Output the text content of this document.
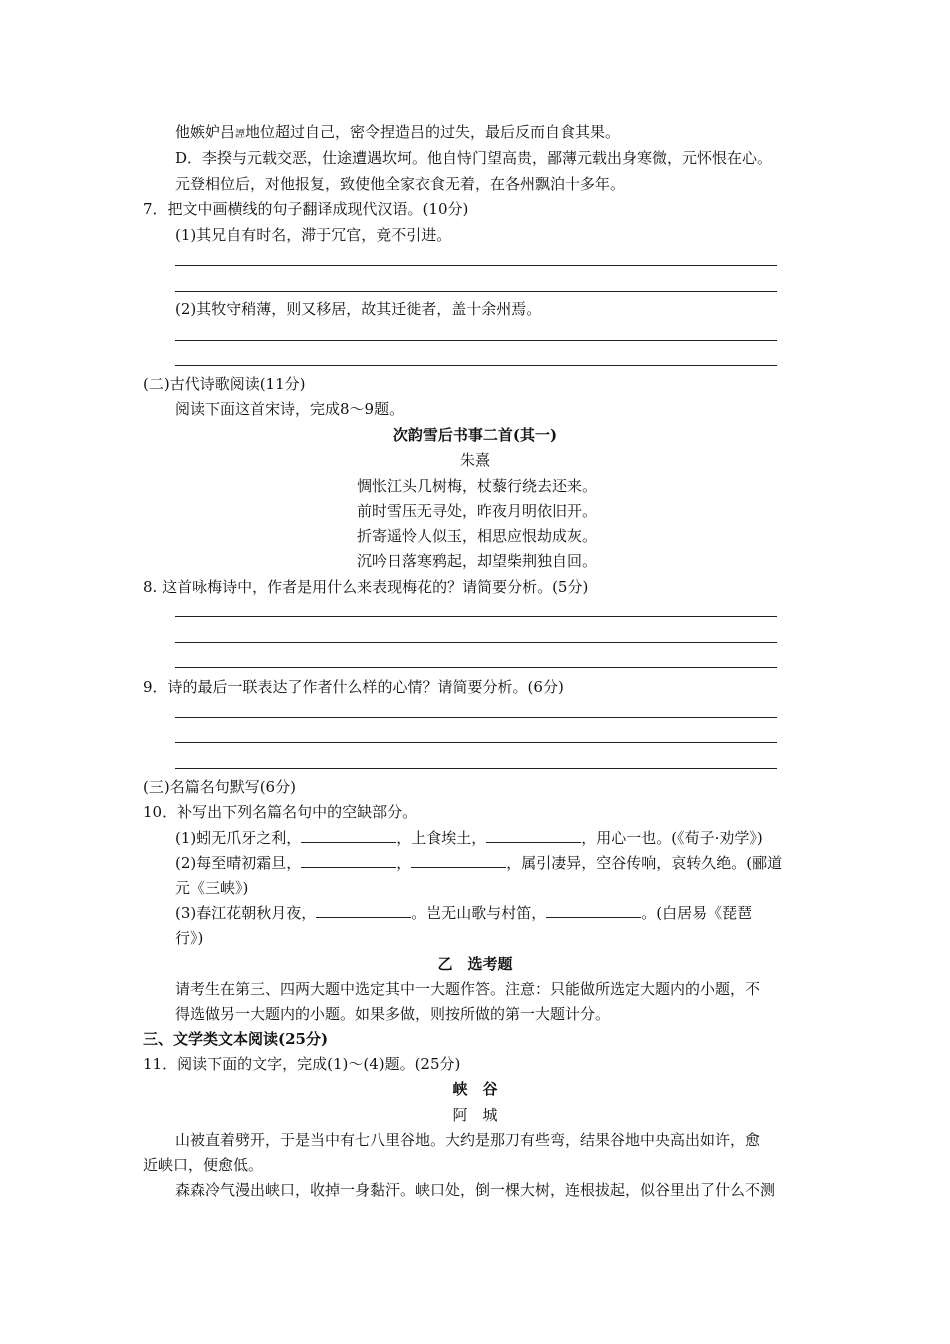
他嫉妒吕諲地位超过自己，密令捏造吕的过失，最后反而自食其果。
D．李揆与元载交恶，仕途遭遇坎坷。他自恃门望高贵，鄙薄元载出身寒微，元怀恨在心。
元登相位后，对他报复，致使他全家衣食无着，在各州飘泊十多年。
7．把文中画横线的句子翻译成现代汉语。(10分)
(1)其兄自有时名，滞于冗官，竟不引进。
(2)其牧守稍薄，则又移居，故其迁徙者，盖十余州焉。
(二)古代诗歌阅读(11分)
阅读下面这首宋诗，完成8～9题。
次韵雪后书事二首(其一)
朱熹
惆怅江头几树梅，杖藜行绕去还来。
前时雪压无寻处，昨夜月明依旧开。
折寄遥怜人似玉，相思应恨劫成灰。
沉吟日落寒鸦起，却望柴荆独自回。
8. 这首咏梅诗中，作者是用什么来表现梅花的？请简要分析。(5分)
9．诗的最后一联表达了作者什么样的心情？请简要分析。(6分)
(三)名篇名句默写(6分)
10．补写出下列名篇名句中的空缺部分。
(1)蚓无爪牙之利，	，上食埃土，	，用心一也。(《荀子·劝学》)
(2)每至晴初霜旦，	，	，属引凄异，空谷传响，哀转久绝。(郦道
元《三峡》)
(3)春江花朝秋月夜，	。岂无山歌与村笛，	。(白居易《琵琶
行》)
乙　选考题
请考生在第三、四两大题中选定其中一大题作答。注意：只能做所选定大题内的小题，不
得选做另一大题内的小题。如果多做，则按所做的第一大题计分。
三、文学类文本阅读(25分)
11．阅读下面的文字，完成(1)～(4)题。(25分)
峡　谷
阿　城
山被直着劈开，于是当中有七八里谷地。大约是那刀有些弯，结果谷地中央高出如许，愈
近峡口，便愈低。
森森冷气漫出峡口，收掉一身黏汗。峡口处，倒一棵大树，连根拔起，似谷里出了什么不测
